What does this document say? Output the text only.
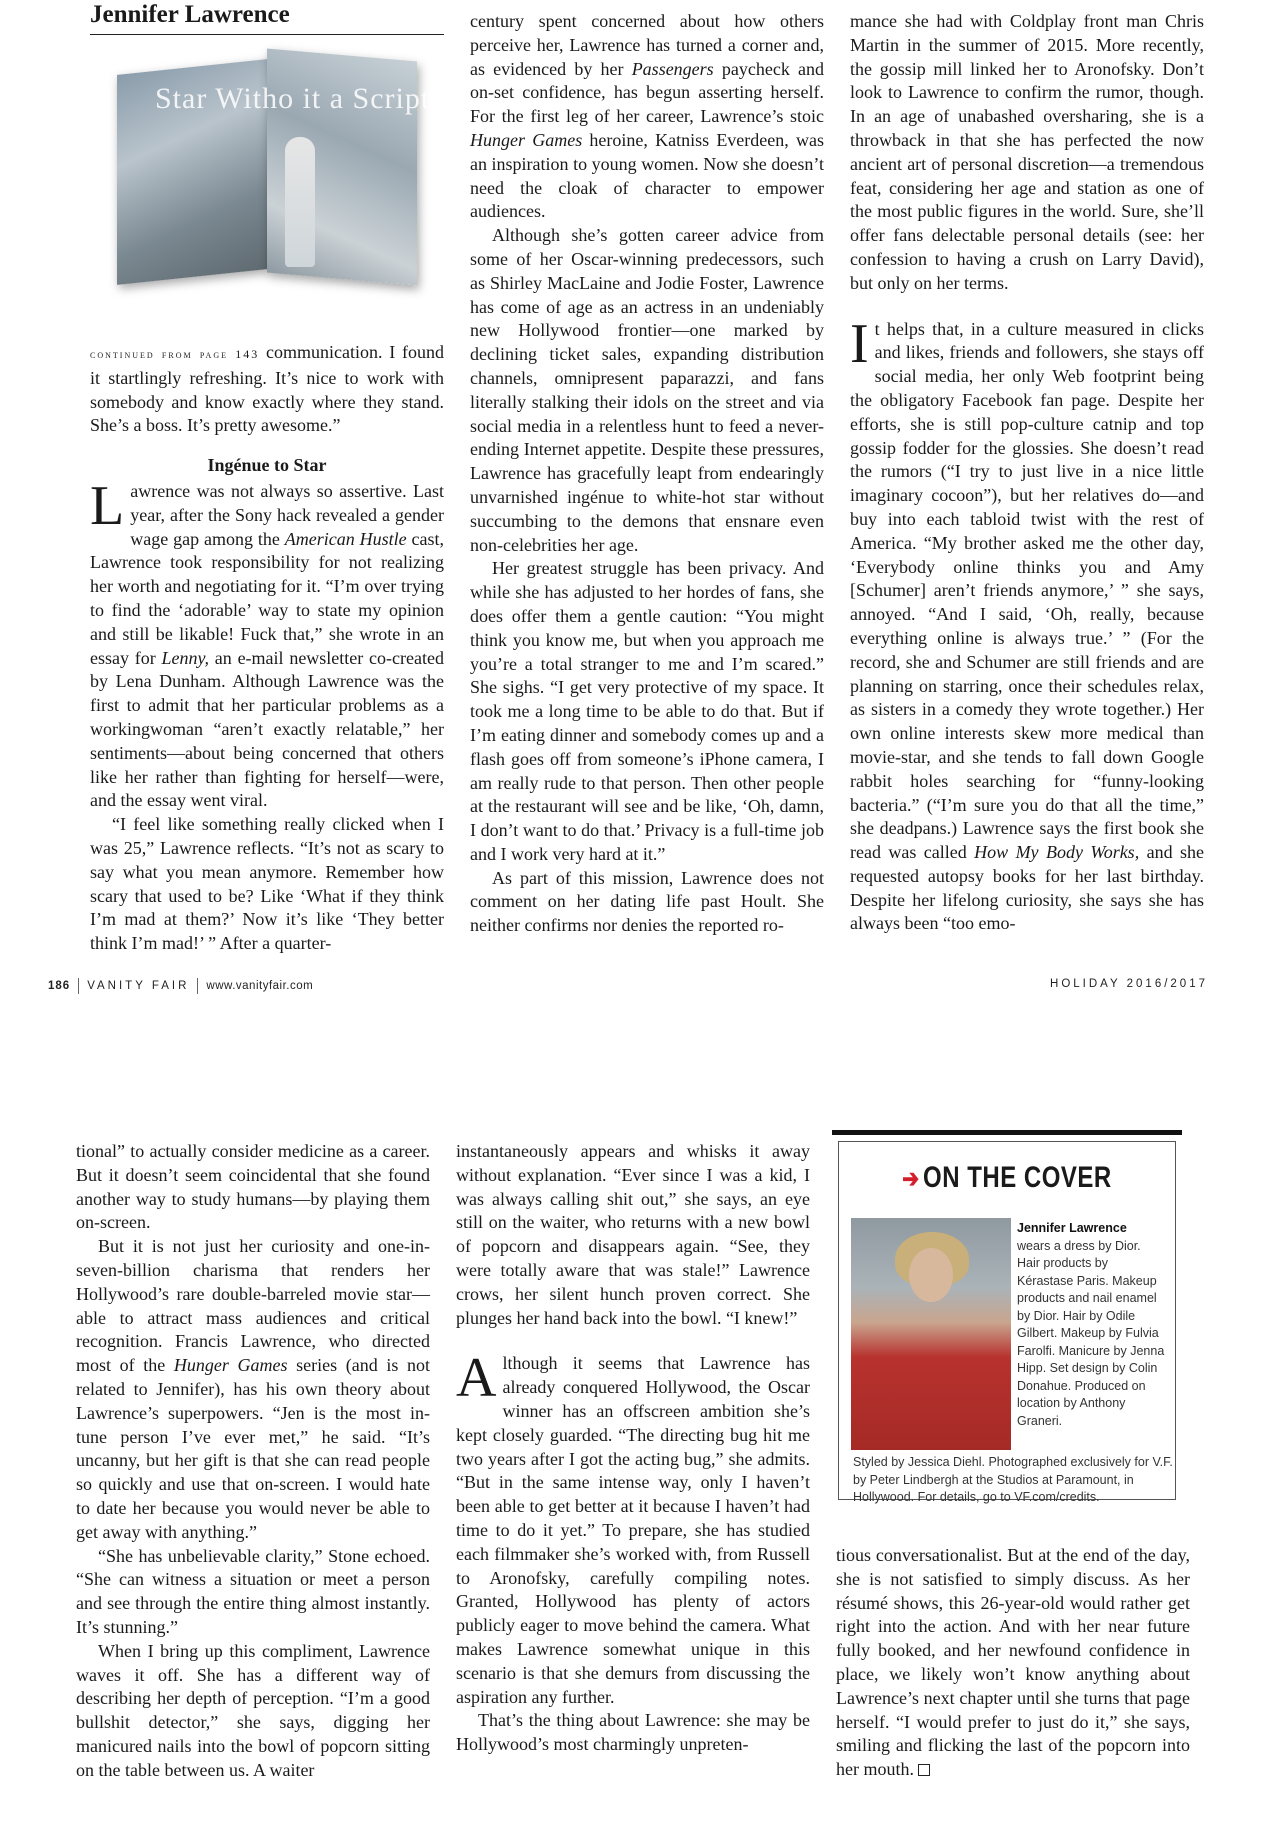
Jennifer Lawrence
Star Witho it a Script

continued from page 143 communication. I found it startlingly refreshing. It’s nice to work with somebody and know exactly where they stand. She’s a boss. It’s pretty awesome.”

Ingénue to Star

Lawrence was not always so assertive. Last year, after the Sony hack revealed a gender wage gap among the American Hustle cast, Lawrence took responsibility for not realizing her worth and negotiating for it. “I’m over trying to find the ‘adorable’ way to state my opinion and still be likable! Fuck that,” she wrote in an essay for Lenny, an e-mail newsletter co-created by Lena Dunham. Although Lawrence was the first to admit that her particular problems as a workingwoman “aren’t exactly relatable,” her sentiments—about being concerned that others like her rather than fighting for herself—were, and the essay went viral.

“I feel like something really clicked when I was 25,” Lawrence reflects. “It’s not as scary to say what you mean anymore. Remember how scary that used to be? Like ‘What if they think I’m mad at them?’ Now it’s like ‘They better think I’m mad!’ ” After a quarter-

century spent concerned about how others perceive her, Lawrence has turned a corner and, as evidenced by her Passengers paycheck and on-set confidence, has begun asserting herself. For the first leg of her career, Lawrence’s stoic Hunger Games heroine, Katniss Everdeen, was an inspiration to young women. Now she doesn’t need the cloak of character to empower audiences.

Although she’s gotten career advice from some of her Oscar-winning predecessors, such as Shirley MacLaine and Jodie Foster, Lawrence has come of age as an actress in an undeniably new Hollywood frontier—one marked by declining ticket sales, expanding distribution channels, omnipresent paparazzi, and fans literally stalking their idols on the street and via social media in a relentless hunt to feed a never-ending Internet appetite. Despite these pressures, Lawrence has gracefully leapt from endearingly unvarnished ingénue to white-hot star without succumbing to the demons that ensnare even non-celebrities her age.

Her greatest struggle has been privacy. And while she has adjusted to her hordes of fans, she does offer them a gentle caution: “You might think you know me, but when you approach me you’re a total stranger to me and I’m scared.” She sighs. “I get very protective of my space. It took me a long time to be able to do that. But if I’m eating dinner and somebody comes up and a flash goes off from someone’s iPhone camera, I am really rude to that person. Then other people at the restaurant will see and be like, ‘Oh, damn, I don’t want to do that.’ Privacy is a full-time job and I work very hard at it.”

As part of this mission, Lawrence does not comment on her dating life past Hoult. She neither confirms nor denies the reported ro-

mance she had with Coldplay front man Chris Martin in the summer of 2015. More recently, the gossip mill linked her to Aronofsky. Don’t look to Lawrence to confirm the rumor, though. In an age of unabashed oversharing, she is a throwback in that she has perfected the now ancient art of personal discretion—a tremendous feat, considering her age and station as one of the most public figures in the world. Sure, she’ll offer fans delectable personal details (see: her confession to having a crush on Larry David), but only on her terms.

It helps that, in a culture measured in clicks and likes, friends and followers, she stays off social media, her only Web footprint being the obligatory Facebook fan page. Despite her efforts, she is still pop-culture catnip and top gossip fodder for the glossies. She doesn’t read the rumors (“I try to just live in a nice little imaginary cocoon”), but her relatives do—and buy into each tabloid twist with the rest of America. “My brother asked me the other day, ‘Everybody online thinks you and Amy [Schumer] aren’t friends anymore,’ ” she says, annoyed. “And I said, ‘Oh, really, because everything online is always true.’ ” (For the record, she and Schumer are still friends and are planning on starring, once their schedules relax, as sisters in a comedy they wrote together.) Her own online interests skew more medical than movie-star, and she tends to fall down Google rabbit holes searching for “funny-looking bacteria.” (“I’m sure you do that all the time,” she deadpans.) Lawrence says the first book she read was called How My Body Works, and she requested autopsy books for her last birthday. Despite her lifelong curiosity, she says she has always been “too emo-

186 VANITY FAIR www.vanityfair.com	HOLIDAY 2016/2017

tional” to actually consider medicine as a career. But it doesn’t seem coincidental that she found another way to study humans—by playing them on-screen.

But it is not just her curiosity and one-in-seven-billion charisma that renders her Hollywood’s rare double-barreled movie star—able to attract mass audiences and critical recognition. Francis Lawrence, who directed most of the Hunger Games series (and is not related to Jennifer), has his own theory about Lawrence’s superpowers. “Jen is the most in-tune person I’ve ever met,” he said. “It’s uncanny, but her gift is that she can read people so quickly and use that on-screen. I would hate to date her because you would never be able to get away with anything.”

“She has unbelievable clarity,” Stone echoed. “She can witness a situation or meet a person and see through the entire thing almost instantly. It’s stunning.”

When I bring up this compliment, Lawrence waves it off. She has a different way of describing her depth of perception. “I’m a good bullshit detector,” she says, digging her manicured nails into the bowl of popcorn sitting on the table between us. A waiter

instantaneously appears and whisks it away without explanation. “Ever since I was a kid, I was always calling shit out,” she says, an eye still on the waiter, who returns with a new bowl of popcorn and disappears again. “See, they were totally aware that was stale!” Lawrence crows, her silent hunch proven correct. She plunges her hand back into the bowl. “I knew!”

Although it seems that Lawrence has already conquered Hollywood, the Oscar winner has an offscreen ambition she’s kept closely guarded. “The directing bug hit me two years after I got the acting bug,” she admits. “But in the same intense way, only I haven’t been able to get better at it because I haven’t had time to do it yet.” To prepare, she has studied each filmmaker she’s worked with, from Russell to Aronofsky, carefully compiling notes. Granted, Hollywood has plenty of actors publicly eager to move behind the camera. What makes Lawrence somewhat unique in this scenario is that she demurs from discussing the aspiration any further.

That’s the thing about Lawrence: she may be Hollywood’s most charmingly unpreten-

tious conversationalist. But at the end of the day, she is not satisfied to simply discuss. As her résumé shows, this 26-year-old would rather get right into the action. And with her near future fully booked, and her newfound confidence in place, we likely won’t know anything about Lawrence’s next chapter until she turns that page herself. “I would prefer to just do it,” she says, smiling and flicking the last of the popcorn into her mouth.

➔ ON THE COVER
Jennifer Lawrence
wears a dress by Dior. Hair products by Kérastase Paris. Makeup products and nail enamel by Dior. Hair by Odile Gilbert. Makeup by Fulvia Farolfi. Manicure by Jenna Hipp. Set design by Colin Donahue. Produced on location by Anthony Graneri.
Styled by Jessica Diehl. Photographed exclusively for V.F. by Peter Lindbergh at the Studios at Paramount, in Hollywood. For details, go to VF.com/credits.
